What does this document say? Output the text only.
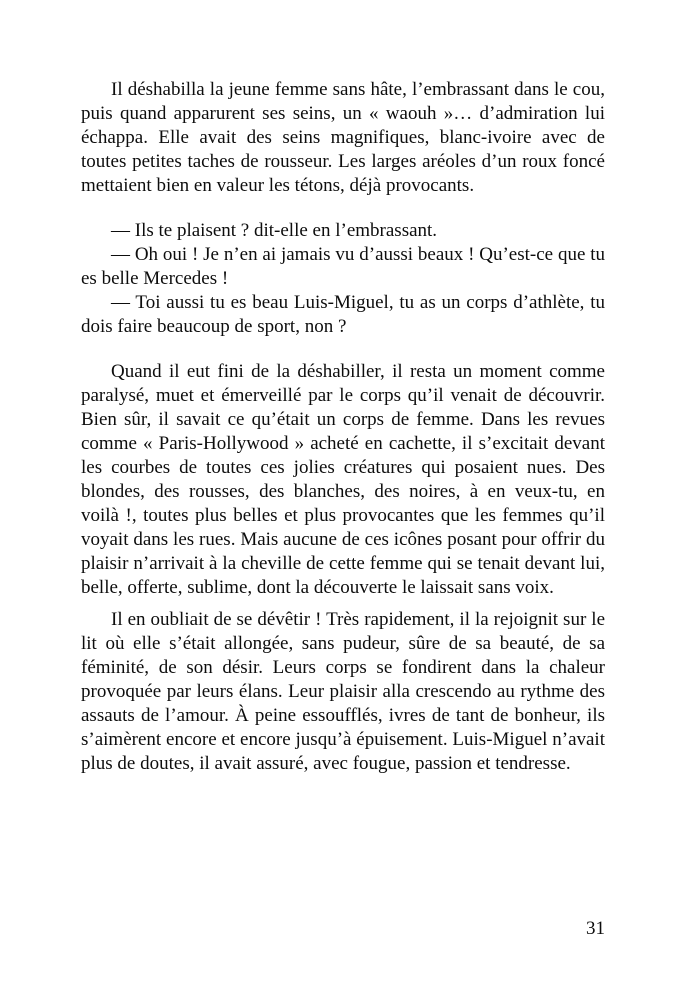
Il déshabilla la jeune femme sans hâte, l’embrassant dans le cou, puis quand apparurent ses seins, un « waouh »… d’admiration lui échappa. Elle avait des seins magnifiques, blanc-ivoire avec de toutes petites taches de rousseur. Les larges aréoles d’un roux foncé mettaient bien en valeur les tétons, déjà provocants.

— Ils te plaisent ? dit-elle en l’embrassant.

— Oh oui ! Je n’en ai jamais vu d’aussi beaux ! Qu’est-ce que tu es belle Mercedes !

— Toi aussi tu es beau Luis-Miguel, tu as un corps d’athlète, tu dois faire beaucoup de sport, non ?

Quand il eut fini de la déshabiller, il resta un moment comme paralysé, muet et émerveillé par le corps qu’il venait de découvrir. Bien sûr, il savait ce qu’était un corps de femme. Dans les revues comme « Paris-Hollywood » acheté en cachette, il s’excitait devant les courbes de toutes ces jolies créatures qui posaient nues. Des blondes, des rousses, des blanches, des noires, à en veux-tu, en voilà !, toutes plus belles et plus provocantes que les femmes qu’il voyait dans les rues. Mais aucune de ces icônes posant pour offrir du plaisir n’arrivait à la cheville de cette femme qui se tenait devant lui, belle, offerte, sublime, dont la découverte le laissait sans voix.

Il en oubliait de se dévêtir ! Très rapidement, il la rejoignit sur le lit où elle s’était allongée, sans pudeur, sûre de sa beauté, de sa féminité, de son désir. Leurs corps se fondirent dans la chaleur provoquée par leurs élans. Leur plaisir alla crescendo au rythme des assauts de l’amour. À peine essoufflés, ivres de tant de bonheur, ils s’aimèrent encore et encore jusqu’à épuisement. Luis-Miguel n’avait plus de doutes, il avait assuré, avec fougue, passion et tendresse.

31
